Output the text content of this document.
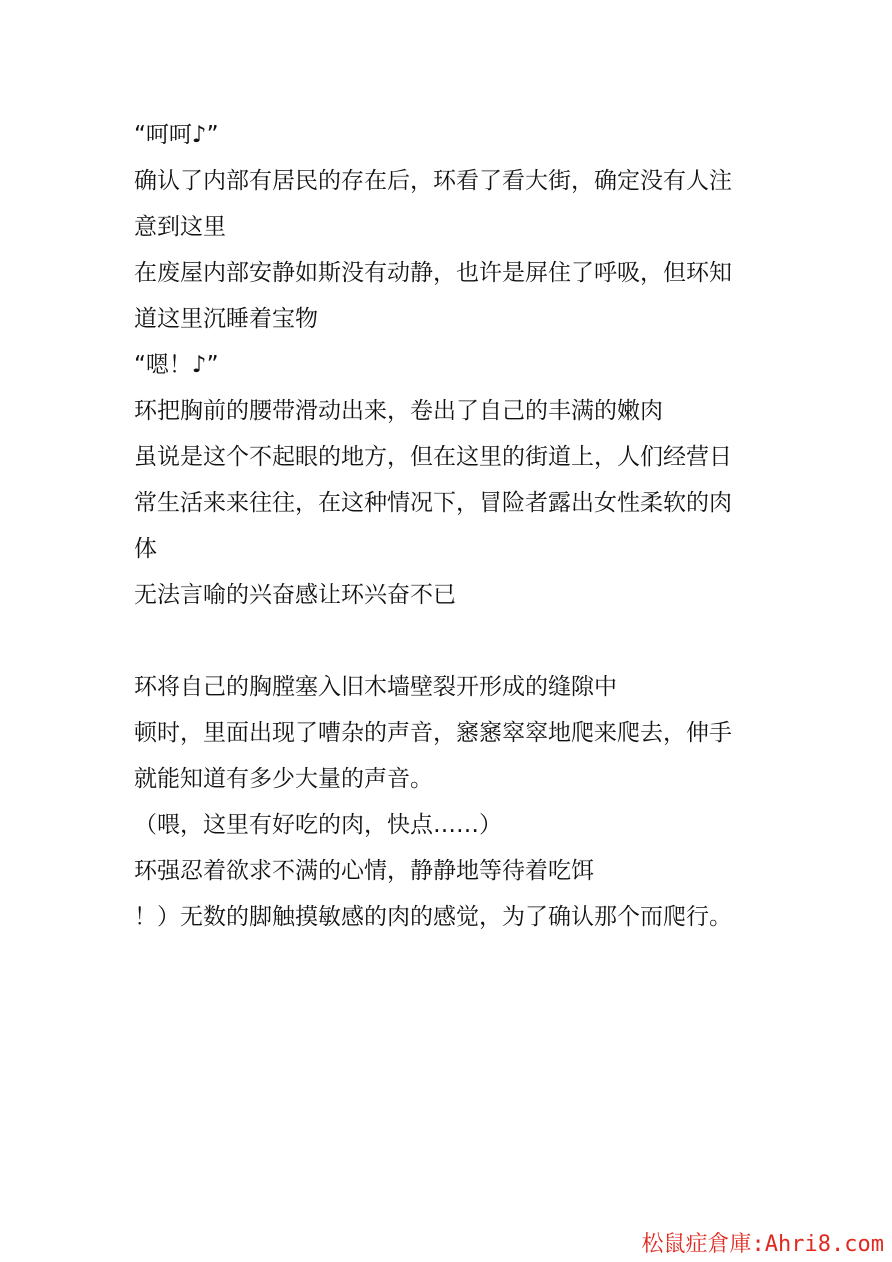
“呵呵♪”
确认了内部有居民的存在后，环看了看大街，确定没有人注
意到这里
在废屋内部安静如斯没有动静，也许是屏住了呼吸，但环知
道这里沉睡着宝物
“嗯！♪”
环把胸前的腰带滑动出来，卷出了自己的丰满的嫩肉
虽说是这个不起眼的地方，但在这里的街道上，人们经营日
常生活来来往往，在这种情况下，冒险者露出女性柔软的肉
体
无法言喻的兴奋感让环兴奋不已
环将自己的胸膛塞入旧木墙壁裂开形成的缝隙中
顿时，里面出现了嘈杂的声音，窸窸窣窣地爬来爬去，伸手
就能知道有多少大量的声音。
（喂，这里有好吃的肉，快点……）
环强忍着欲求不满的心情，静静地等待着吃饵
！）无数的脚触摸敏感的肉的感觉，为了确认那个而爬行。
松鼠症倉庫:Ahri8.com
